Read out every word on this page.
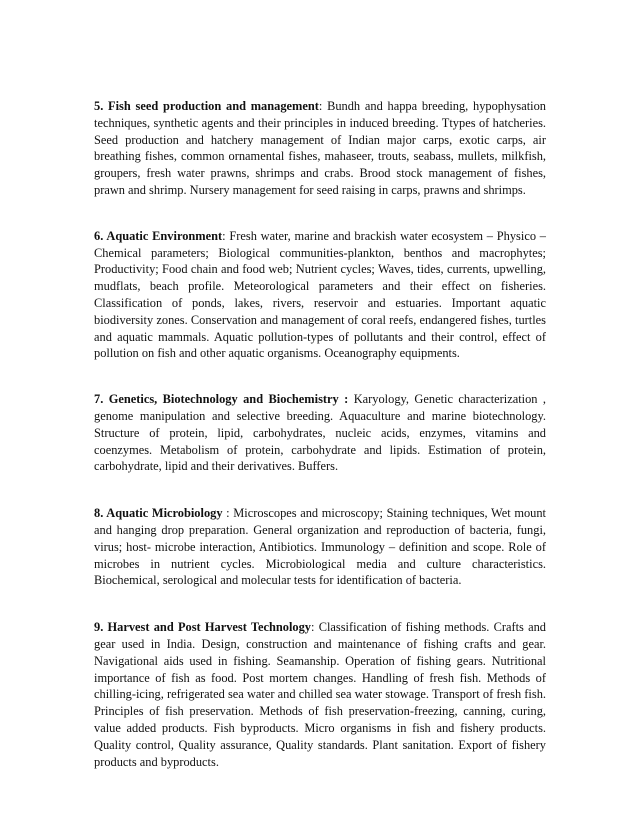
5. Fish seed production and management: Bundh and happa breeding, hypophysation techniques, synthetic agents and their principles in induced breeding. Ttypes of hatcheries. Seed production and hatchery management of Indian major carps, exotic carps, air breathing fishes, common ornamental fishes, mahaseer, trouts, seabass, mullets, milkfish, groupers, fresh water prawns, shrimps and crabs. Brood stock management of fishes, prawn and shrimp. Nursery management for seed raising in carps, prawns and shrimps.

6. Aquatic Environment: Fresh water, marine and brackish water ecosystem – Physico – Chemical parameters; Biological communities-plankton, benthos and macrophytes; Productivity; Food chain and food web; Nutrient cycles; Waves, tides, currents, upwelling, mudflats, beach profile. Meteorological parameters and their effect on fisheries. Classification of ponds, lakes, rivers, reservoir and estuaries. Important aquatic biodiversity zones. Conservation and management of coral reefs, endangered fishes, turtles and aquatic mammals. Aquatic pollution-types of pollutants and their control, effect of pollution on fish and other aquatic organisms. Oceanography equipments.

7. Genetics, Biotechnology and Biochemistry : Karyology, Genetic characterization , genome manipulation and selective breeding. Aquaculture and marine biotechnology. Structure of protein, lipid, carbohydrates, nucleic acids, enzymes, vitamins and coenzymes. Metabolism of protein, carbohydrate and lipids. Estimation of protein, carbohydrate, lipid and their derivatives. Buffers.

8. Aquatic Microbiology : Microscopes and microscopy; Staining techniques, Wet mount and hanging drop preparation. General organization and reproduction of bacteria, fungi, virus; host- microbe interaction, Antibiotics. Immunology – definition and scope. Role of microbes in nutrient cycles. Microbiological media and culture characteristics. Biochemical, serological and molecular tests for identification of bacteria.

9. Harvest and Post Harvest Technology: Classification of fishing methods. Crafts and gear used in India. Design, construction and maintenance of fishing crafts and gear. Navigational aids used in fishing. Seamanship. Operation of fishing gears. Nutritional importance of fish as food. Post mortem changes. Handling of fresh fish. Methods of chilling-icing, refrigerated sea water and chilled sea water stowage. Transport of fresh fish. Principles of fish preservation. Methods of fish preservation-freezing, canning, curing, value added products. Fish byproducts. Micro organisms in fish and fishery products. Quality control, Quality assurance, Quality standards. Plant sanitation. Export of fishery products and byproducts.
